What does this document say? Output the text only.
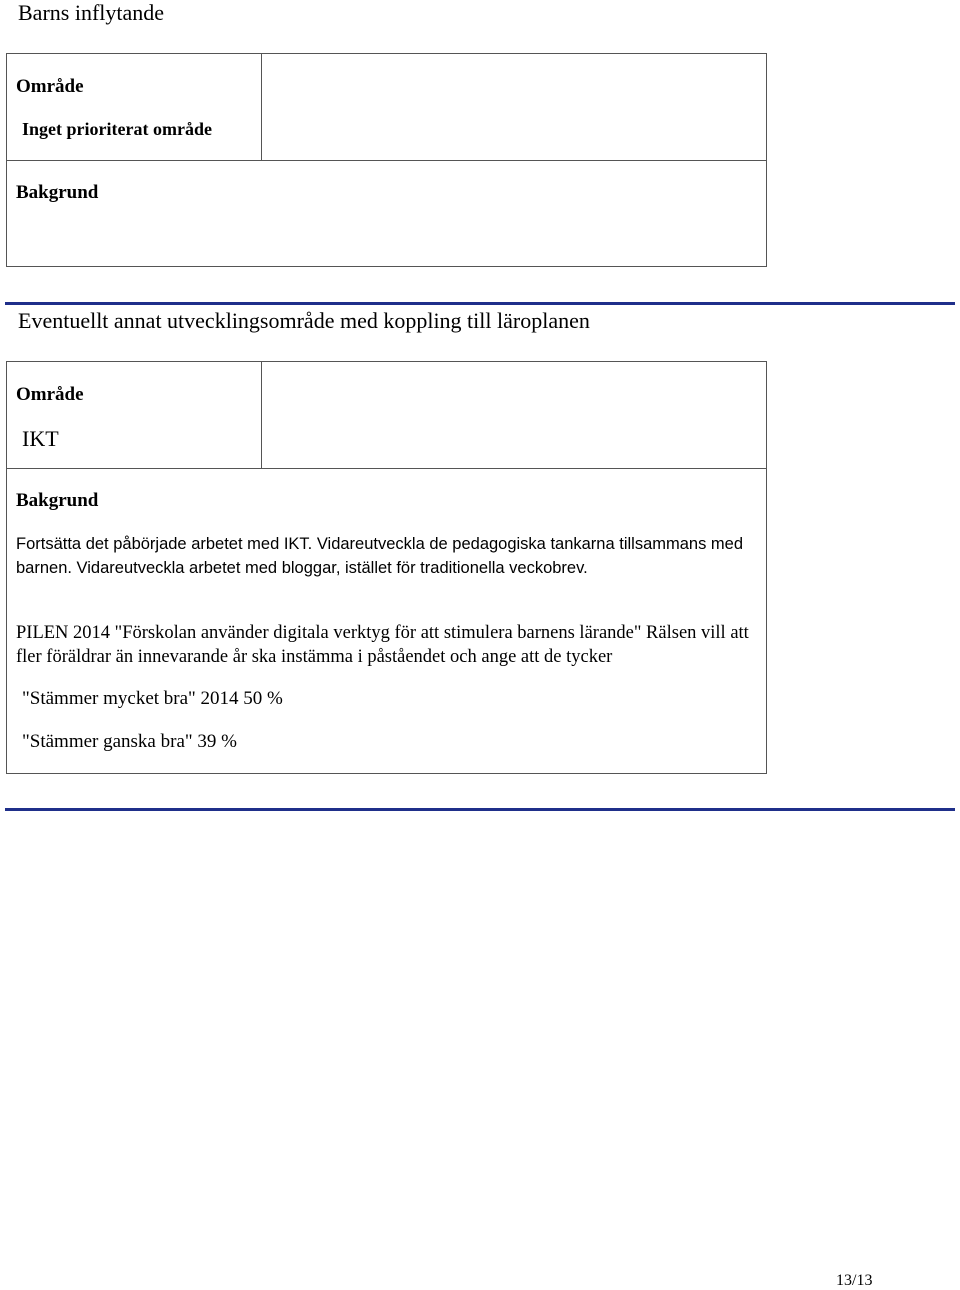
Barns inflytande
Område
Inget prioriterat område
Bakgrund
Eventuellt annat utvecklingsområde med koppling till läroplanen
Område
IKT
Bakgrund

Fortsätta det påbörjade arbetet med IKT. Vidareutveckla de pedagogiska tankarna tillsammans med barnen. Vidareutveckla arbetet med bloggar, istället för traditionella veckobrev.

PILEN 2014 "Förskolan använder digitala verktyg för att stimulera barnens lärande" Rälsen vill att fler föräldrar än innevarande år ska instämma i påståendet och ange att de tycker

"Stämmer mycket bra" 2014 50 %
"Stämmer ganska bra" 39 %
13/13
